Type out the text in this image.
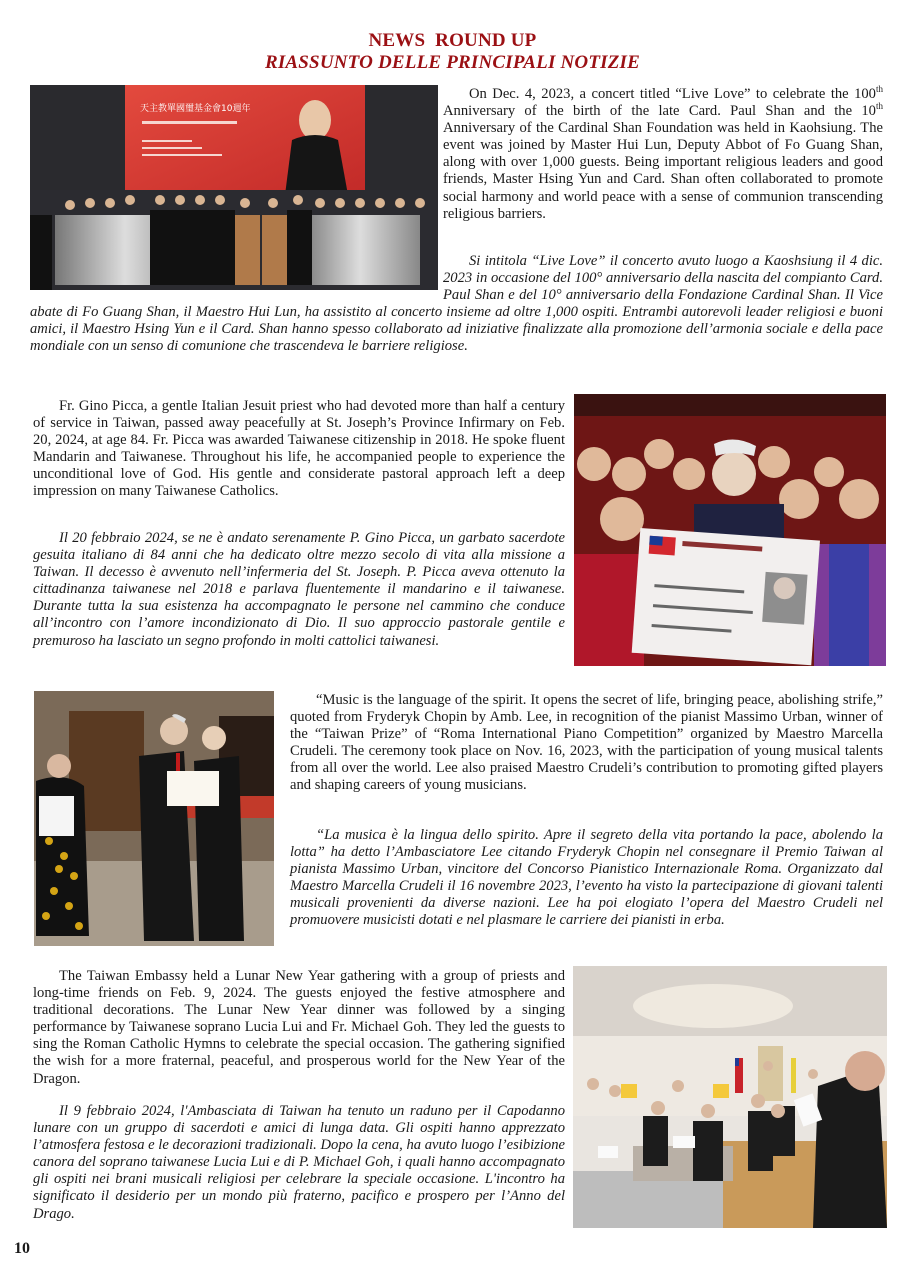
NEWS  ROUND UP
RIASSUNTO DELLE PRINCIPALI NOTIZIE
天主教單國璽基金會10週年

On Dec. 4, 2023, a concert titled “Live Love” to celebrate the 100th Anniversary of the birth of the late Card. Paul Shan and the 10th Anniversary of the Cardinal Shan Foundation was held in Kaohsiung. The event was joined by Master Hui Lun, Deputy Abbot of Fo Guang Shan, along with over 1,000 guests. Being important religious leaders and good friends, Master Hsing Yun and Card. Shan often collaborated to promote social harmony and world peace with a sense of communion transcending religious barriers.

Si intitola “Live Love” il concerto avuto luogo a Kaoshsiung il 4 dic. 2023 in occasione del 100° anniversario della nascita del compianto Card. Paul Shan e del 10° anniversario della Fondazione Cardinal Shan. Il Vice abate di Fo Guang Shan, il Maestro Hui Lun, ha assistito al concerto insieme ad oltre 1,000 ospiti. Entrambi autorevoli leader religiosi e buoni amici, il Maestro Hsing Yun e il Card. Shan hanno spesso collaborato ad iniziative finalizzate alla promozione dell’armonia sociale e della pace mondiale con un senso di comunione che trascendeva le barriere religiose.

Fr. Gino Picca, a gentle Italian Jesuit priest who had devoted more than half a century of service in Taiwan, passed away peacefully at St. Joseph’s Province Infirmary on Feb. 20, 2024, at age 84. Fr. Picca was awarded Taiwanese citizenship in 2018. He spoke fluent Mandarin and Taiwanese. Throughout his life, he accompanied people to experience the unconditional love of God. His gentle and considerate pastoral approach left a deep impression on many Taiwanese Catholics.

Il 20 febbraio 2024, se ne è andato serenamente P. Gino Picca, un garbato sacerdote gesuita italiano di 84 anni che ha dedicato oltre mezzo secolo di vita alla missione a Taiwan. Il decesso è avvenuto nell’infermeria del St. Joseph. P. Picca aveva ottenuto la cittadinanza taiwanese nel 2018 e parlava fluentemente il mandarino e il taiwanese. Durante tutta la sua esistenza ha accompagnato le persone nel cammino che conduce all’incontro con l’amore incondizionato di Dio. Il suo approccio pastorale gentile e premuroso ha lasciato un segno profondo in molti cattolici taiwanesi.

“Music is the language of the spirit. It opens the secret of life, bringing peace, abolishing strife,” quoted from Fryderyk Chopin by Amb. Lee, in recognition of the pianist Massimo Urban, winner of the “Taiwan Prize” of “Roma International Piano Competition” organized by Maestro Marcella Crudeli. The ceremony took place on Nov. 16, 2023, with the participation of young musical talents from all over the world. Lee also praised Maestro Crudeli’s contribution to promoting gifted players and shaping careers of young musicians.

“La musica è la lingua dello spirito. Apre il segreto della vita portando la pace, abolendo la lotta” ha detto l’Ambasciatore Lee citando Fryderyk Chopin nel consegnare il Premio Taiwan al pianista Massimo Urban, vincitore del Concorso Pianistico Internazionale Roma. Organizzato dal Maestro Marcella Crudeli il 16 novembre 2023, l’evento ha visto la partecipazione di giovani talenti musicali provenienti da diverse nazioni. Lee ha poi elogiato l’opera del Maestro Crudeli nel promuovere musicisti dotati e nel plasmare le carriere dei pianisti in erba.

The Taiwan Embassy held a Lunar New Year gathering with a group of priests and long-time friends on Feb. 9, 2024. The guests enjoyed the festive atmosphere and traditional decorations. The Lunar New Year dinner was followed by a singing performance by Taiwanese soprano Lucia Lui and Fr. Michael Goh. They led the guests to sing the Roman Catholic Hymns to celebrate the special occasion. The gathering signified the wish for a more fraternal, peaceful, and prosperous world for the New Year of the Dragon.

Il 9 febbraio 2024, l'Ambasciata di Taiwan ha tenuto un raduno per il Capodanno lunare con un gruppo di sacerdoti e amici di lunga data. Gli ospiti hanno apprezzato l’atmosfera festosa e le decorazioni tradizionali. Dopo la cena, ha avuto luogo l’esibizione canora del soprano taiwanese Lucia Lui e di P. Michael Goh, i quali hanno accompagnato gli ospiti nei brani musicali religiosi per celebrare la speciale occasione. L'incontro ha significato il desiderio per un mondo più fraterno, pacifico e prospero per l’Anno del Drago.

10
